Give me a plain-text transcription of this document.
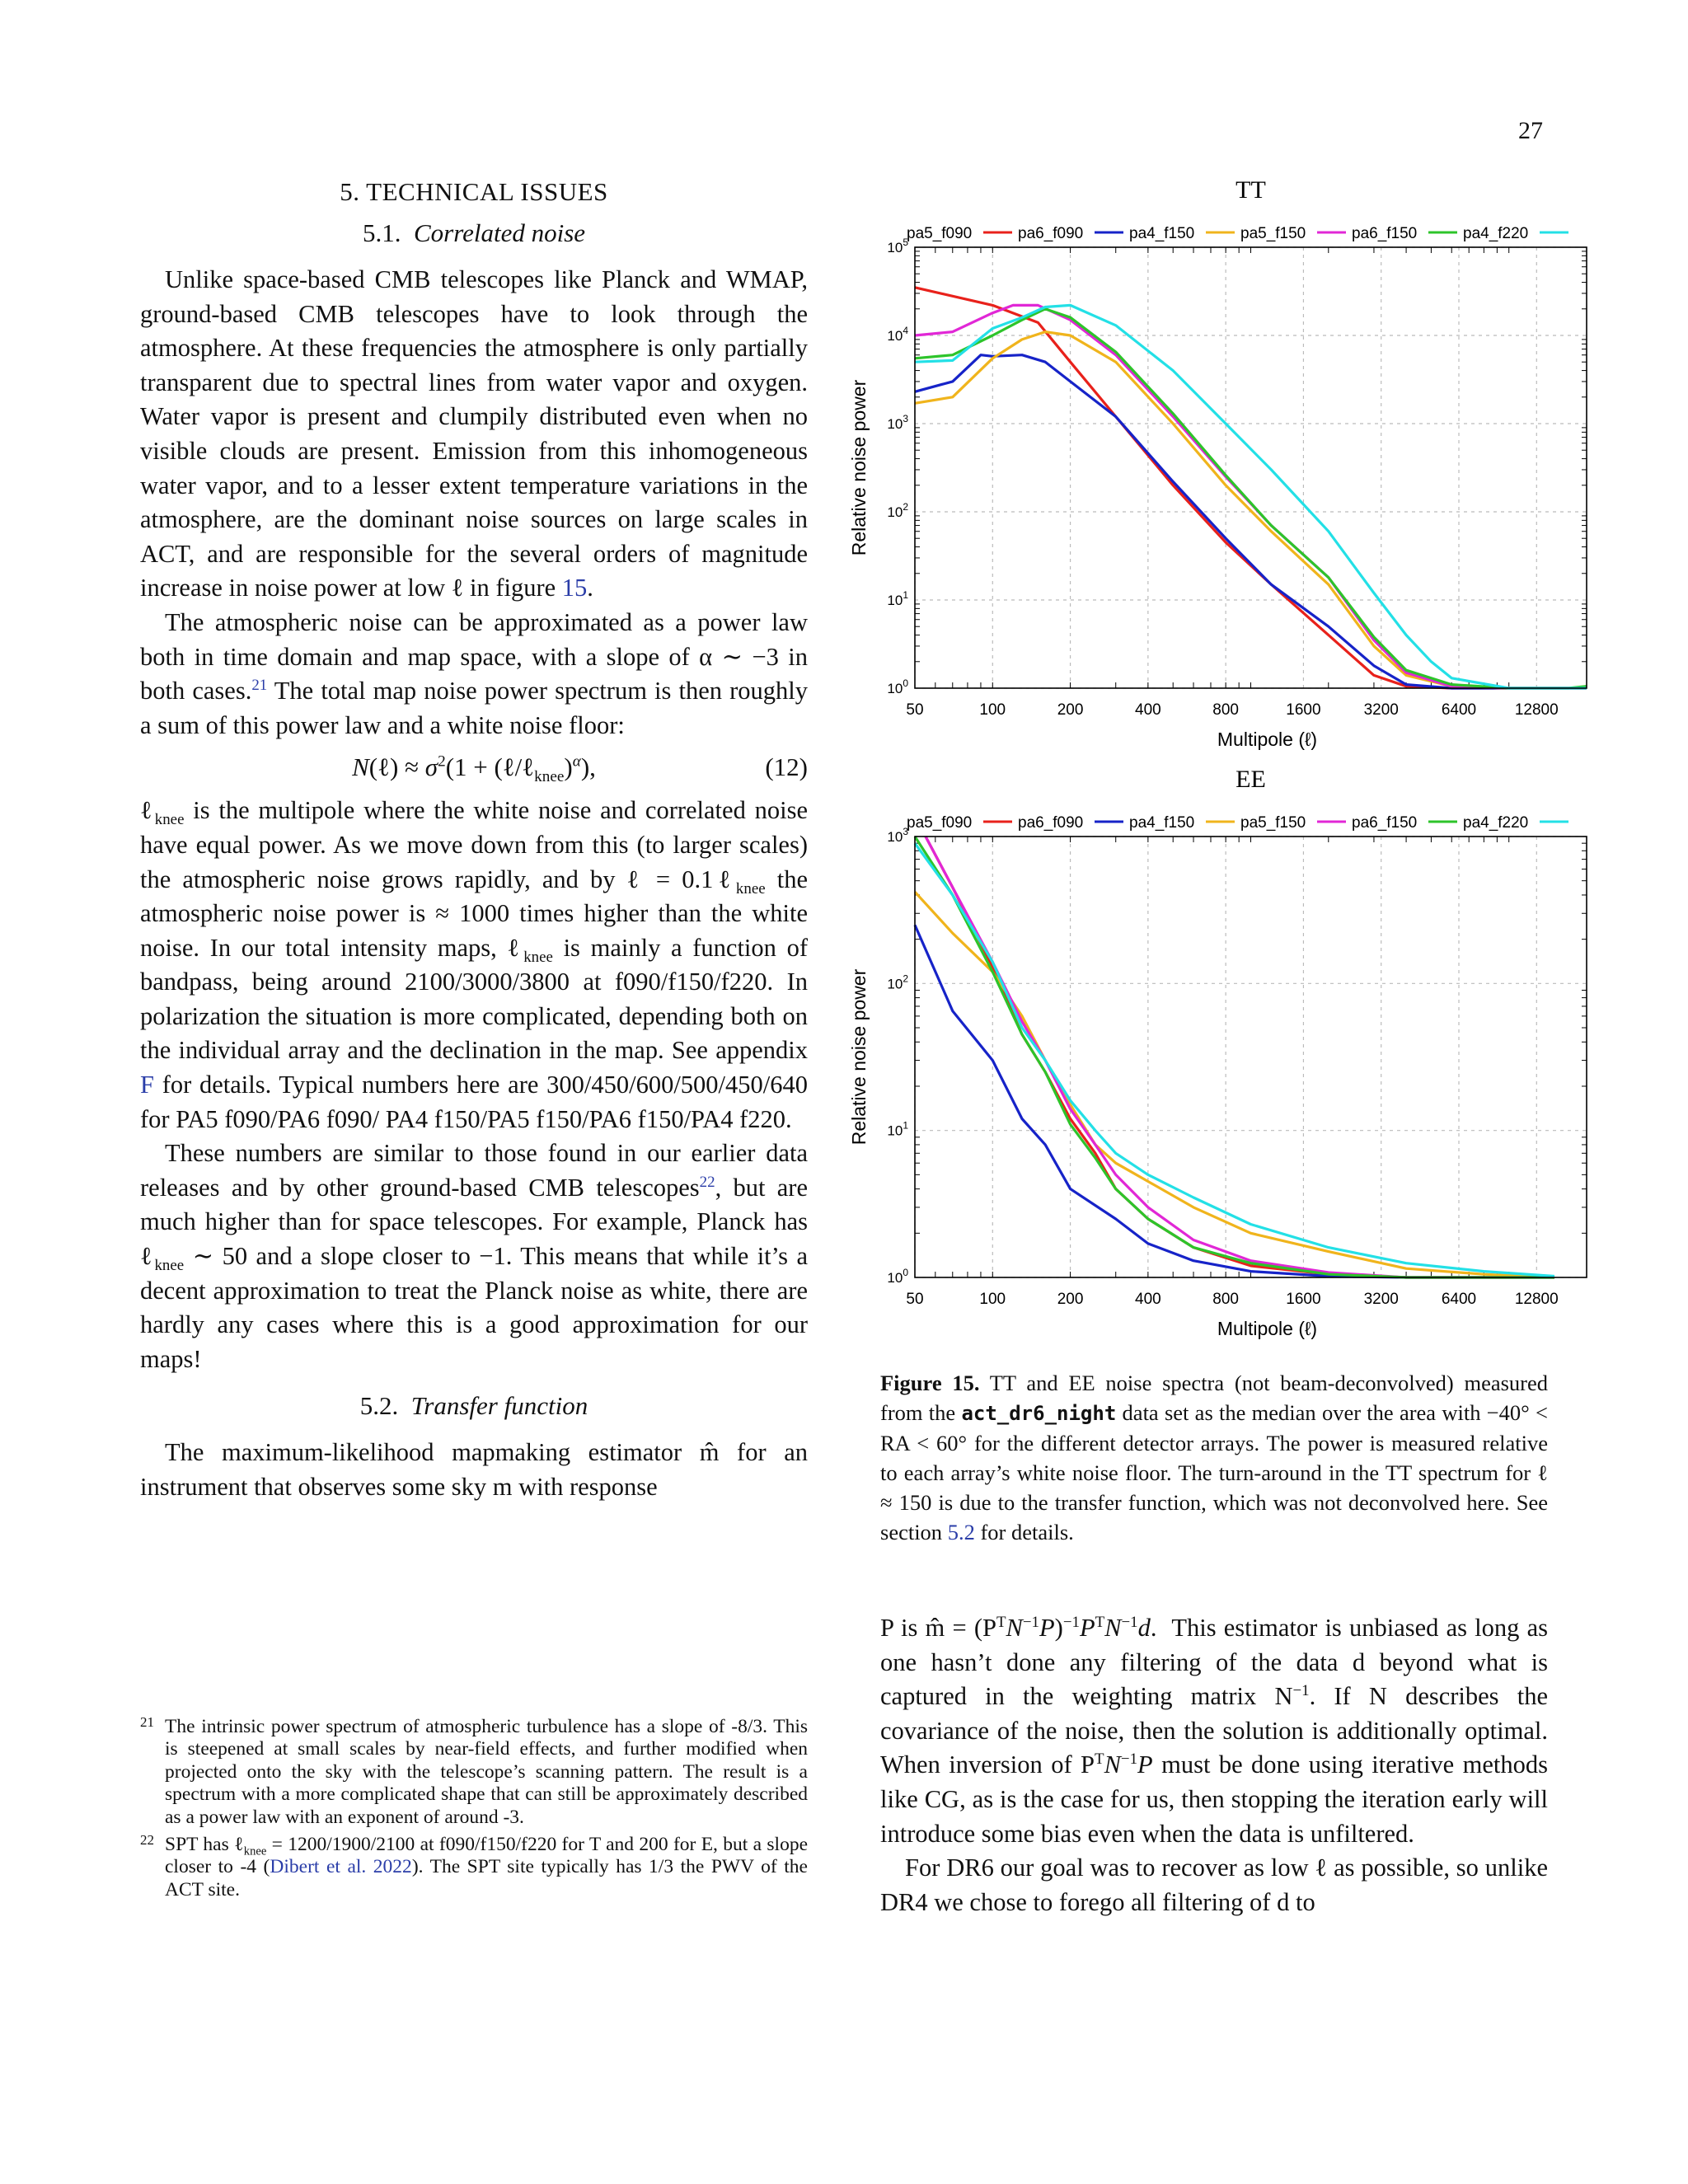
27
5. TECHNICAL ISSUES
5.1. Correlated noise

Unlike space-based CMB telescopes like Planck and WMAP, ground-based CMB telescopes have to look through the atmosphere. At these frequencies the atmosphere is only partially transparent due to spectral lines from water vapor and oxygen. Water vapor is present and clumpily distributed even when no visible clouds are present. Emission from this inhomogeneous water vapor, and to a lesser extent temperature variations in the atmosphere, are the dominant noise sources on large scales in ACT, and are responsible for the several orders of magnitude increase in noise power at low ℓ in figure 15.

The atmospheric noise can be approximated as a power law both in time domain and map space, with a slope of α ∼ −3 in both cases.$^{21}$ The total map noise power spectrum is then roughly a sum of this power law and a white noise floor:

N(ℓ) ≈ $\sigma^2(1$ + (ℓ/ℓ$_{knee}$)$^\alpha$),	(12)

ℓ$_{knee}$ is the multipole where the white noise and correlated noise have equal power. As we move down from this (to larger scales) the atmospheric noise grows rapidly, and by ℓ = 0.1ℓ$_{knee}$ the atmospheric noise power is ≈ 1000 times higher than the white noise. In our total intensity maps, ℓ$_{knee}$ is mainly a function of bandpass, being around 2100/3000/3800 at f090/f150/f220. In polarization the situation is more complicated, depending both on the individual array and the declination in the map. See appendix F for details. Typical numbers here are 300/450/600/500/450/640 for PA5 f090/PA6 f090/ PA4 f150/PA5 f150/PA6 f150/PA4 f220.

These numbers are similar to those found in our earlier data releases and by other ground-based CMB telescopes$^{22}$, but are much higher than for space telescopes. For example, Planck has ℓ$_{knee}$ ∼ 50 and a slope closer to −1. This means that while it’s a decent approximation to treat the Planck noise as white, there are hardly any cases where this is a good approximation for our maps!

5.2. Transfer function

The maximum-likelihood mapmaking estimator m̂ for an instrument that observes some sky m with response

21 The intrinsic power spectrum of atmospheric turbulence has a slope of -8/3. This is steepened at small scales by near-field effects, and further modified when projected onto the sky with the telescope’s scanning pattern. The result is a spectrum with a more complicated shape that can still be approximately described as a power law with an exponent of around -3.
22 SPT has ℓ$_{knee}$ = 1200/1900/2100 at f090/f150/f220 for T and 200 for E, but a slope closer to -4 (Dibert et al. 2022). The SPT site typically has 1/3 the PWV of the ACT site.
TT
pa5_f090	pa6_f090	pa4_f150	pa5_f150	pa6_f150	pa4_f220
$10^0$
$10^1$
$10^2$
$10^3$
$10^4$
$10^5$
50	100	200	400	800	1600	3200	6400 12800
Multipole (ℓ)
Relative noise power
EE
pa5_f090	pa6_f090	pa4_f150	pa5_f150	pa6_f150	pa4_f220
$10^0$
$10^1$
$10^2$
$10^3$
50	100	200	400	800	1600	3200	6400 12800
Multipole (ℓ)
Relative noise power
Figure 15. TT and EE noise spectra (not beam-deconvolved) measured from the act_dr6_night data set as the median over the area with −40° < RA < 60° for the different detector arrays. The power is measured relative to each array’s white noise floor. The turn-around in the TT spectrum for ℓ ≈ 150 is due to the transfer function, which was not deconvolved here. See section 5.2 for details.

P is m̂ = $(P^TN^{-1}P)^{-1}P^TN^{-1}d$.  This estimator is unbiased as long as one hasn’t done any filtering of the data d beyond what is captured in the weighting matrix $N^{-1}$. If N describes the covariance of the noise, then the solution is additionally optimal. When inversion of $P^TN^{-1}P$ must be done using iterative methods like CG, as is the case for us, then stopping the iteration early will introduce some bias even when the data is unfiltered.

For DR6 our goal was to recover as low ℓ as possible, so unlike DR4 we chose to forego all filtering of d to
